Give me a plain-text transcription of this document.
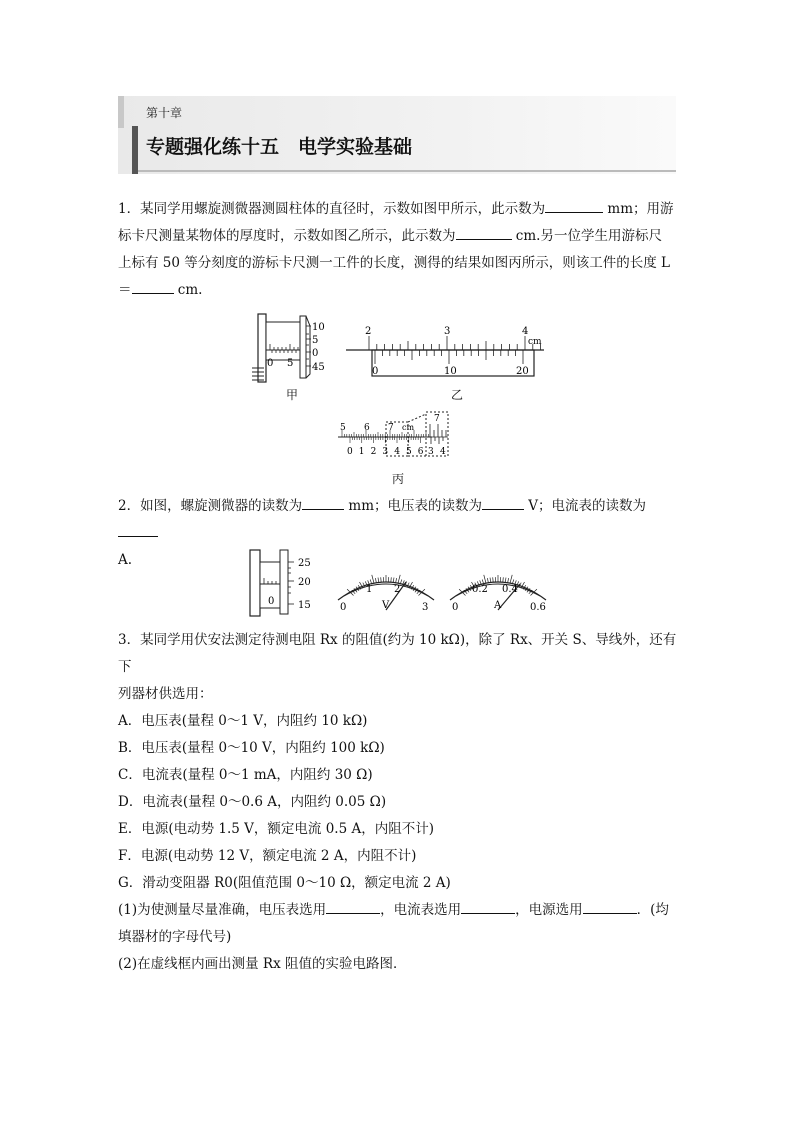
第十章
专题强化练十五　电学实验基础
1．某同学用螺旋测微器测圆柱体的直径时，示数如图甲所示，此示数为	mm；用游
标卡尺测量某物体的厚度时，示数如图乙所示，此示数为	cm.另一位学生用游标尺
上标有 50 等分刻度的游标卡尺测一工件的长度，测得的结果如图丙所示，则该工件的长度 L
＝	cm.
10
5
0
45
0 5
甲
2	3	4
cm
0	10	20
乙
5 6 7 cm
7
3 4
0 1 2 3 4 5 6
丙
2．如图，螺旋测微器的读数为	mm；电压表的读数为	V；电流表的读数为
A.	25
20
15
0
0
1 2
3
V	0
0.2 0.4
0.6
A
3．某同学用伏安法测定待测电阻 Rx 的阻值(约为 10 kΩ)，除了 Rx、开关 S、导线外，还有下
列器材供选用：
A．电压表(量程 0～1 V，内阻约 10 kΩ)
B．电压表(量程 0～10 V，内阻约 100 kΩ)
C．电流表(量程 0～1 mA，内阻约 30 Ω)
D．电流表(量程 0～0.6 A，内阻约 0.05 Ω)
E．电源(电动势 1.5 V，额定电流 0.5 A，内阻不计)
F．电源(电动势 12 V，额定电流 2 A，内阻不计)
G．滑动变阻器 R0(阻值范围 0～10 Ω，额定电流 2 A)
(1)为使测量尽量准确，电压表选用	，电流表选用	，电源选用	．(均
填器材的字母代号)
(2)在虚线框内画出测量 Rx 阻值的实验电路图．
